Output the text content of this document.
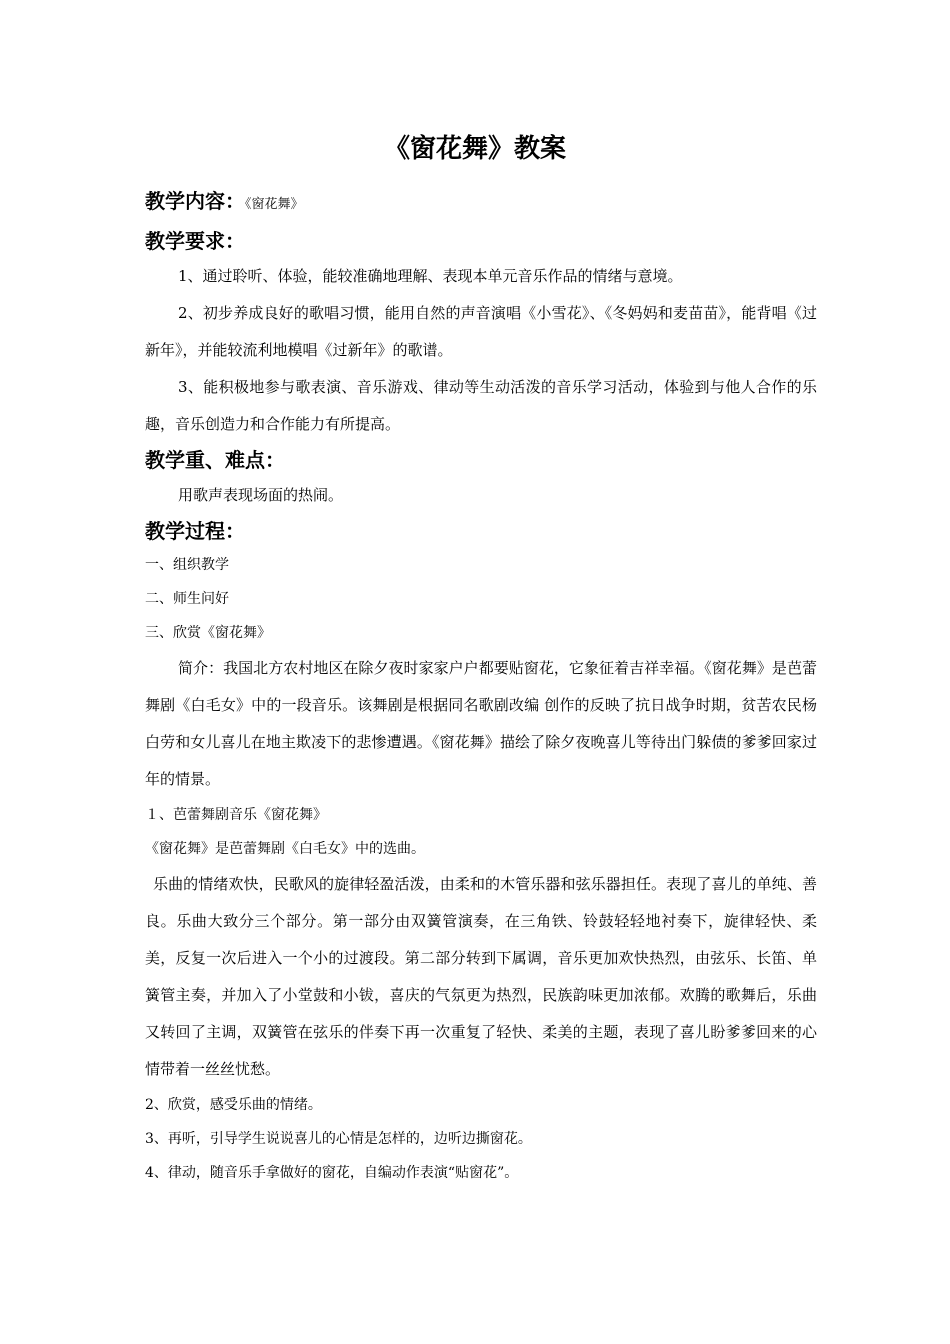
《窗花舞》教案

教学内容：《窗花舞》

教学要求：

1、通过聆听、体验，能较准确地理解、表现本单元音乐作品的情绪与意境。

2、初步养成良好的歌唱习惯，能用自然的声音演唱《小雪花》、《冬妈妈和麦苗苗》，能背唱《过新年》，并能较流利地模唱《过新年》的歌谱。

3、能积极地参与歌表演、音乐游戏、律动等生动活泼的音乐学习活动，体验到与他人合作的乐趣，音乐创造力和合作能力有所提高。

教学重、难点：

用歌声表现场面的热闹。

教学过程：

一、组织教学

二、师生问好

三、欣赏《窗花舞》

简介：我国北方农村地区在除夕夜时家家户户都要贴窗花，它象征着吉祥幸福。《窗花舞》是芭蕾舞剧《白毛女》中的一段音乐。该舞剧是根据同名歌剧改编 创作的反映了抗日战争时期，贫苦农民杨白劳和女儿喜儿在地主欺凌下的悲惨遭遇。《窗花舞》描绘了除夕夜晚喜儿等待出门躲债的爹爹回家过年的情景。

１、芭蕾舞剧音乐《窗花舞》

《窗花舞》是芭蕾舞剧《白毛女》中的选曲。

乐曲的情绪欢快，民歌风的旋律轻盈活泼，由柔和的木管乐器和弦乐器担任。表现了喜儿的单纯、善良。乐曲大致分三个部分。第一部分由双簧管演奏，在三角铁、铃鼓轻轻地衬奏下，旋律轻快、柔美，反复一次后进入一个小的过渡段。第二部分转到下属调，音乐更加欢快热烈，由弦乐、长笛、单簧管主奏，并加入了小堂鼓和小钹，喜庆的气氛更为热烈，民族韵味更加浓郁。欢腾的歌舞后，乐曲又转回了主调，双簧管在弦乐的伴奏下再一次重复了轻快、柔美的主题，表现了喜儿盼爹爹回来的心情带着一丝丝忧愁。

2、欣赏，感受乐曲的情绪。

3、再听，引导学生说说喜儿的心情是怎样的，边听边撕窗花。

4、律动，随音乐手拿做好的窗花，自编动作表演“贴窗花”。
